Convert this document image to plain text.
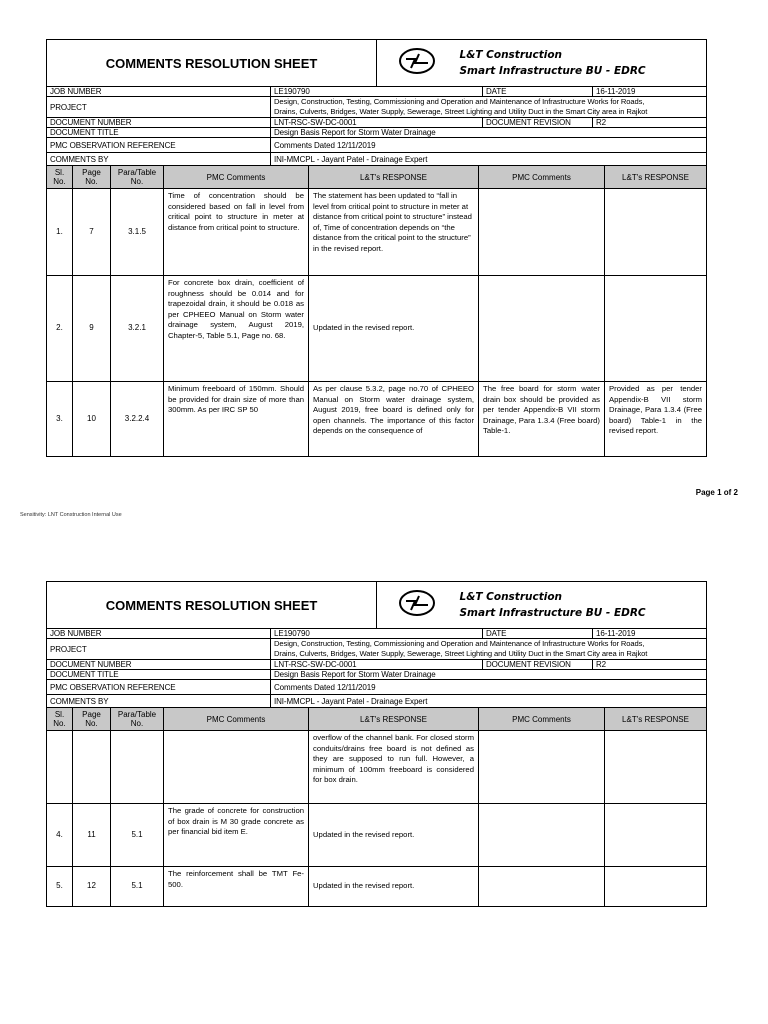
COMMENTS RESOLUTION SHEET		
L&T Construction
Smart Infrastructure BU - EDRC
JOB NUMBER	LE190790	DATE	16-11-2019
PROJECT	Design, Construction, Testing, Commissioning and Operation and Maintenance of Infrastructure Works for Roads,
Drains, Culverts, Bridges, Water Supply, Sewerage, Street Lighting and Utility Duct in the Smart City area in Rajkot		

DOCUMENT NUMBER	LNT-RSC-SW-DC-0001	DOCUMENT REVISION	R2
DOCUMENT TITLE	Design Basis Report for Storm Water Drainage		
PMC OBSERVATION REFERENCE	Comments Dated 12/11/2019		
COMMENTS BY	INI-MMCPL - Jayant Patel - Drainage Expert		
Sl. No.	Page No.	Para/Table No.	PMC Comments	L&T's RESPONSE	PMC Comments	L&T's RESPONSE
1.	7	3.1.5	Time of concentration should be considered based on fall in level from critical point to structure in meter at distance from critical point to structure.	The statement has been updated to “fall in level from critical point to structure in meter at distance from critical point to structure” instead of, Time of concentration depends on “the distance from the critical point to the structure” in the revised report.		
2.	9	3.2.1	For concrete box drain, coefficient of roughness should be 0.014 and for trapezoidal drain, it should be 0.018 as per CPHEEO Manual on Storm water drainage system, August 2019, Chapter-5, Table 5.1, Page no. 68.	Updated in the revised report.		
3.	10	3.2.2.4	Minimum freeboard of 150mm. Should be provided for drain size of more than 300mm. As per IRC SP 50	As per clause 5.3.2, page no.70 of CPHEEO Manual on Storm water drainage system, August 2019, free board is defined only for open channels. The importance of this factor depends on the consequence of	The free board for storm water drain box should be provided as per tender Appendix-B VII storm Drainage, Para 1.3.4 (Free board) Table-1.	Provided as per tender Appendix-B VII storm Drainage, Para 1.3.4 (Free board) Table-1 in the revised report.
Page 1 of 2
Sensitivity: LNT Construction Internal Use
COMMENTS RESOLUTION SHEET		
L&T Construction
Smart Infrastructure BU - EDRC
JOB NUMBER	LE190790	DATE	16-11-2019
PROJECT	Design, Construction, Testing, Commissioning and Operation and Maintenance of Infrastructure Works for Roads,
Drains, Culverts, Bridges, Water Supply, Sewerage, Street Lighting and Utility Duct in the Smart City area in Rajkot		

DOCUMENT NUMBER	LNT-RSC-SW-DC-0001	DOCUMENT REVISION	R2
DOCUMENT TITLE	Design Basis Report for Storm Water Drainage		
PMC OBSERVATION REFERENCE	Comments Dated 12/11/2019		
COMMENTS BY	INI-MMCPL - Jayant Patel - Drainage Expert		
Sl. No.	Page No.	Para/Table No.	PMC Comments	L&T's RESPONSE	PMC Comments	L&T's RESPONSE
				overflow of the channel bank. For closed storm conduits/drains free board is not defined as they are supposed to run full. However, a minimum of 100mm freeboard is considered for box drain.		
4.	11	5.1	The grade of concrete for construction of box drain is M 30 grade concrete as per financial bid item E.	Updated in the revised report.		
5.	12	5.1	The reinforcement shall be TMT Fe-500.	Updated in the revised report.		
